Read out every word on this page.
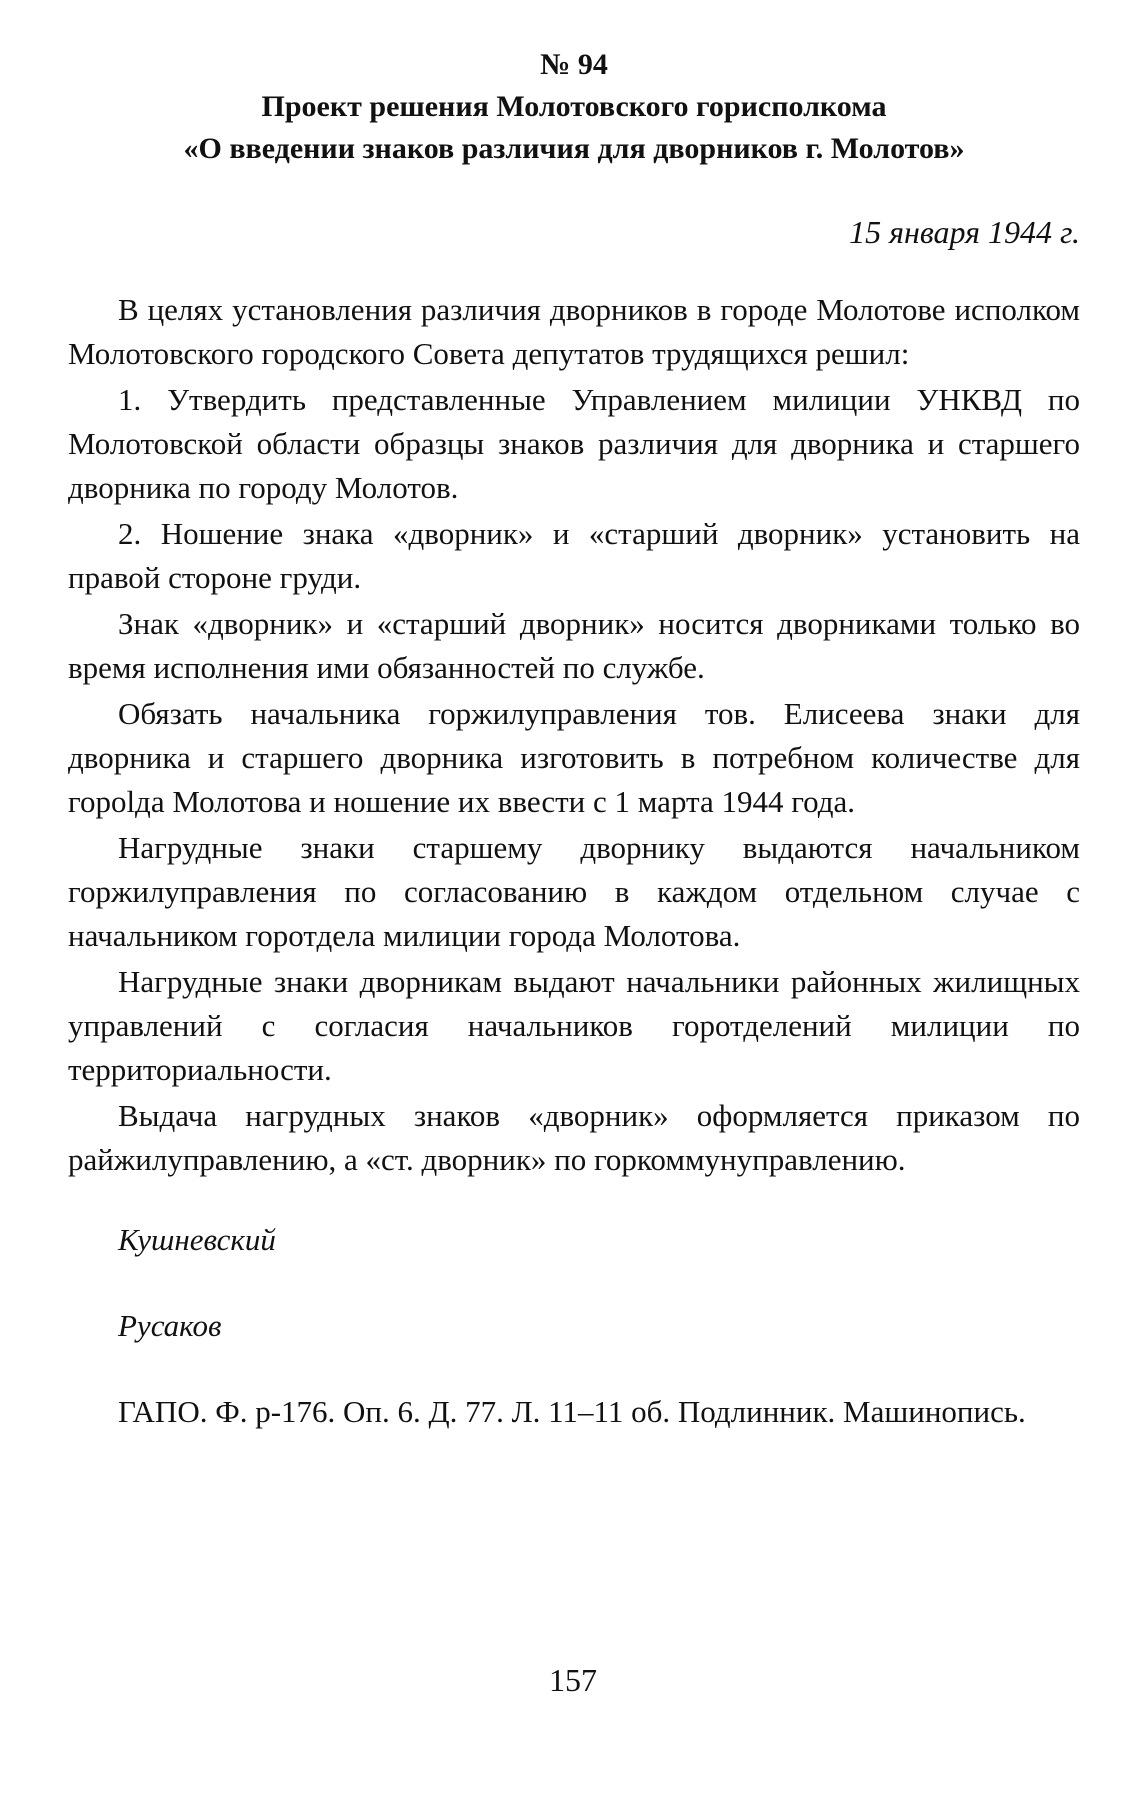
№ 94
Проект решения Молотовского горисполкома
«О введении знаков различия для дворников г. Молотов»
15 января 1944 г.

В целях установления различия дворников в городе Молотове исполком Молотовского городского Совета депутатов трудящихся решил:

1. Утвердить представленные Управлением милиции УНКВД по Молотовской области образцы знаков различия для дворника и старшего дворника по городу Молотов.

2. Ношение знака «дворник» и «старший дворник» установить на правой стороне груди.

Знак «дворник» и «старший дворник» носится дворниками только во время исполнения ими обязанностей по службе.

Обязать начальника горжилуправления тов. Елисеева знаки для дворника и старшего дворника изготовить в потребном количестве для гороlда Молотова и ношение их ввести с 1 марта 1944 года.

Нагрудные знаки старшему дворнику выдаются начальником горжилуправления по согласованию в каждом отдельном случае с начальником горотдела милиции города Молотова.

Нагрудные знаки дворникам выдают начальники районных жилищных управлений с согласия начальников горотделений милиции по территориальности.

Выдача нагрудных знаков «дворник» оформляется приказом по райжилуправлению, а «ст. дворник» по горкоммунуправлению.

Кушневский
Русаков
ГАПО. Ф. р-176. Оп. 6. Д. 77. Л. 11–11 об. Подлинник. Машинопись.
157
